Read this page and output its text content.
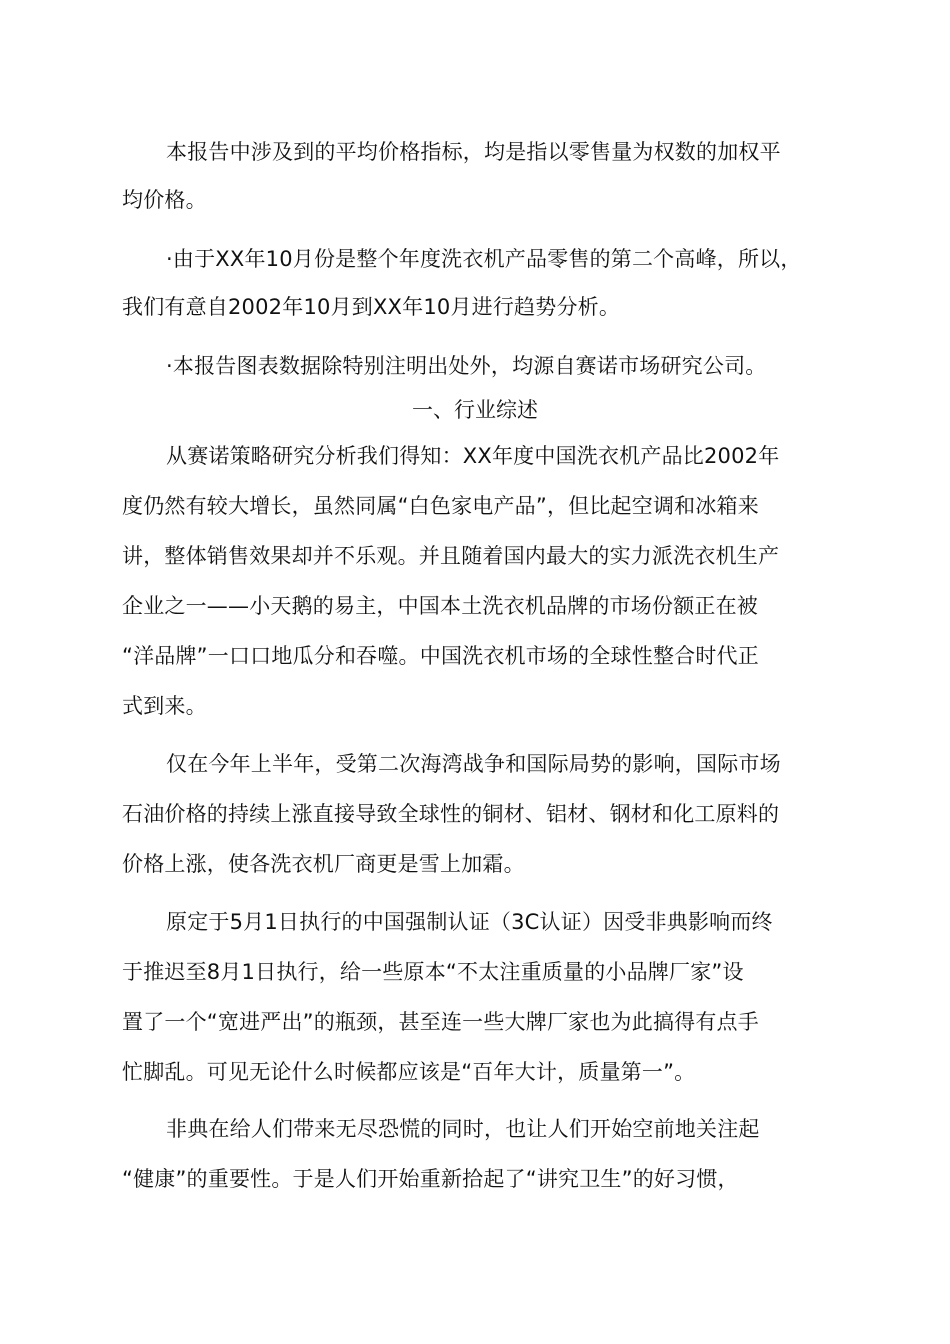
本报告中涉及到的平均价格指标，均是指以零售量为权数的加权平
均价格。
·由于XX年10月份是整个年度洗衣机产品零售的第二个高峰，所以，
我们有意自2002年10月到XX年10月进行趋势分析。
·本报告图表数据除特别注明出处外，均源自赛诺市场研究公司。
一、行业综述
从赛诺策略研究分析我们得知：XX年度中国洗衣机产品比2002年
度仍然有较大增长，虽然同属“白色家电产品”，但比起空调和冰箱来
讲，整体销售效果却并不乐观。并且随着国内最大的实力派洗衣机生产
企业之一——小天鹅的易主，中国本土洗衣机品牌的市场份额正在被
“洋品牌”一口口地瓜分和吞噬。中国洗衣机市场的全球性整合时代正
式到来。
仅在今年上半年，受第二次海湾战争和国际局势的影响，国际市场
石油价格的持续上涨直接导致全球性的铜材、铝材、钢材和化工原料的
价格上涨，使各洗衣机厂商更是雪上加霜。
原定于5月1日执行的中国强制认证（3C认证）因受非典影响而终
于推迟至8月1日执行，给一些原本“不太注重质量的小品牌厂家”设
置了一个“宽进严出”的瓶颈，甚至连一些大牌厂家也为此搞得有点手
忙脚乱。可见无论什么时候都应该是“百年大计，质量第一”。
非典在给人们带来无尽恐慌的同时，也让人们开始空前地关注起
“健康”的重要性。于是人们开始重新拾起了“讲究卫生”的好习惯，
